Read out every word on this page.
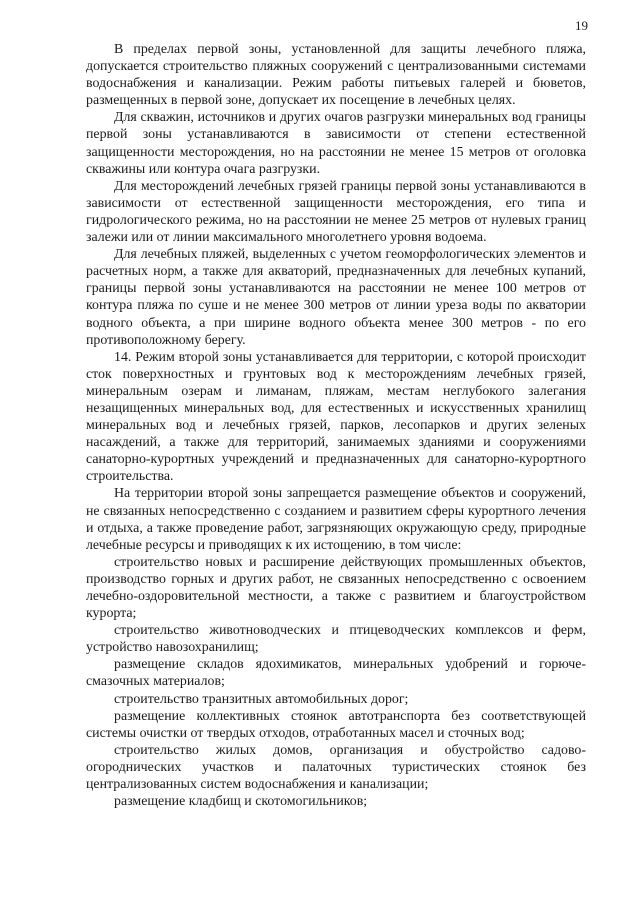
19

В пределах первой зоны, установленной для защиты лечебного пляжа, допускается строительство пляжных сооружений с централизованными системами водоснабжения и канализации. Режим работы питьевых галерей и бюветов, размещенных в первой зоне, допускает их посещение в лечебных целях.

Для скважин, источников и других очагов разгрузки минеральных вод границы первой зоны устанавливаются в зависимости от степени естественной защищенности месторождения, но на расстоянии не менее 15 метров от оголовка скважины или контура очага разгрузки.

Для месторождений лечебных грязей границы первой зоны устанавливаются в зависимости от естественной защищенности месторождения, его типа и гидрологического режима, но на расстоянии не менее 25 метров от нулевых границ залежи или от линии максимального многолетнего уровня водоема.

Для лечебных пляжей, выделенных с учетом геоморфологических элементов и расчетных норм, а также для акваторий, предназначенных для лечебных купаний, границы первой зоны устанавливаются на расстоянии не менее 100 метров от контура пляжа по суше и не менее 300 метров от линии уреза воды по акватории водного объекта, а при ширине водного объекта менее 300 метров - по его противоположному берегу.

14. Режим второй зоны устанавливается для территории, с которой происходит сток поверхностных и грунтовых вод к месторождениям лечебных грязей, минеральным озерам и лиманам, пляжам, местам неглубокого залегания незащищенных минеральных вод, для естественных и искусственных хранилищ минеральных вод и лечебных грязей, парков, лесопарков и других зеленых насаждений, а также для территорий, занимаемых зданиями и сооружениями санаторно-курортных учреждений и предназначенных для санаторно-курортного строительства.

На территории второй зоны запрещается размещение объектов и сооружений, не связанных непосредственно с созданием и развитием сферы курортного лечения и отдыха, а также проведение работ, загрязняющих окружающую среду, природные лечебные ресурсы и приводящих к их истощению, в том числе:

строительство новых и расширение действующих промышленных объектов, производство горных и других работ, не связанных непосредственно с освоением лечебно-оздоровительной местности, а также с развитием и благоустройством курорта;

строительство животноводческих и птицеводческих комплексов и ферм, устройство навозохранилищ;

размещение складов ядохимикатов, минеральных удобрений и горюче-смазочных материалов;

строительство транзитных автомобильных дорог;

размещение коллективных стоянок автотранспорта без соответствующей системы очистки от твердых отходов, отработанных масел и сточных вод;

строительство жилых домов, организация и обустройство садово-огороднических участков и палаточных туристических стоянок без централизованных систем водоснабжения и канализации;

размещение кладбищ и скотомогильников;
